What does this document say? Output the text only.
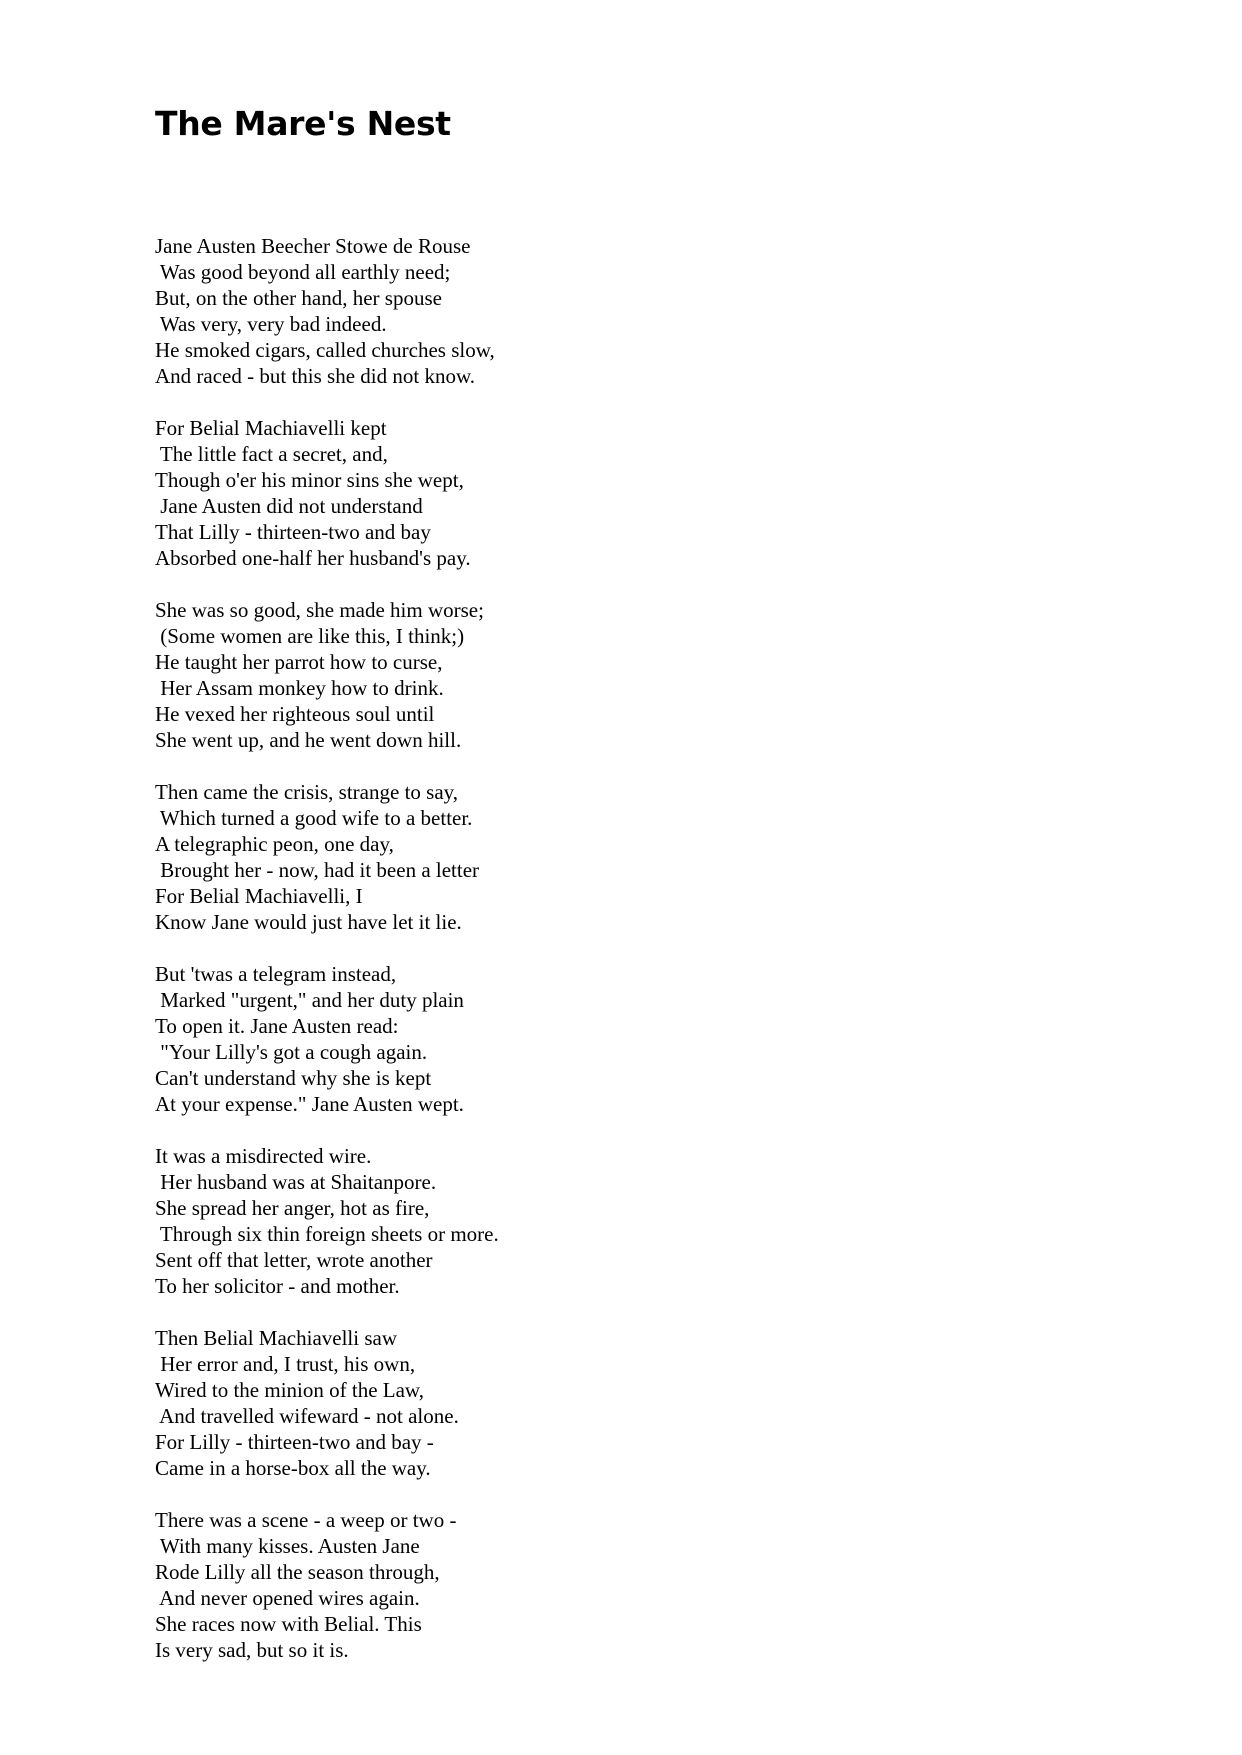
The Mare's Nest
Jane Austen Beecher Stowe de Rouse
Was good beyond all earthly need;
But, on the other hand, her spouse
Was very, very bad indeed.
He smoked cigars, called churches slow,
And raced - but this she did not know.
For Belial Machiavelli kept
The little fact a secret, and,
Though o'er his minor sins she wept,
Jane Austen did not understand
That Lilly - thirteen-two and bay
Absorbed one-half her husband's pay.
She was so good, she made him worse;
(Some women are like this, I think;)
He taught her parrot how to curse,
Her Assam monkey how to drink.
He vexed her righteous soul until
She went up, and he went down hill.
Then came the crisis, strange to say,
Which turned a good wife to a better.
A telegraphic peon, one day,
Brought her - now, had it been a letter
For Belial Machiavelli, I
Know Jane would just have let it lie.
But 'twas a telegram instead,
Marked "urgent," and her duty plain
To open it. Jane Austen read:
"Your Lilly's got a cough again.
Can't understand why she is kept
At your expense." Jane Austen wept.
It was a misdirected wire.
Her husband was at Shaitanpore.
She spread her anger, hot as fire,
Through six thin foreign sheets or more.
Sent off that letter, wrote another
To her solicitor - and mother.
Then Belial Machiavelli saw
Her error and, I trust, his own,
Wired to the minion of the Law,
And travelled wifeward - not alone.
For Lilly - thirteen-two and bay -
Came in a horse-box all the way.
There was a scene - a weep or two -
With many kisses. Austen Jane
Rode Lilly all the season through,
And never opened wires again.
She races now with Belial. This
Is very sad, but so it is.
